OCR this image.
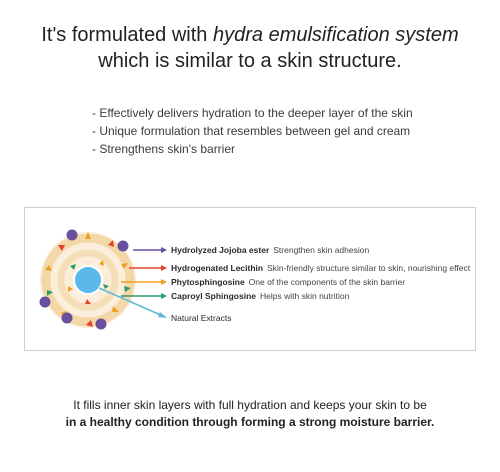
It's formulated with hydra emulsification system
which is similar to a skin structure.
- Effectively delivers hydration to the deeper layer of the skin
- Unique formulation that resembles between gel and cream
- Strengthens skin's barrier
Hydrolyzed Jojoba ester Strengthen skin adhesion
Hydrogenated Lecithin Skin-friendly structure similar to skin, nourishing effect
Phytosphingosine One of the components of the skin barrier
Caproyl Sphingosine Helps with skin nutrition
Natural Extracts
It fills inner skin layers with full hydration and keeps your skin to be
in a healthy condition through forming a strong moisture barrier.
